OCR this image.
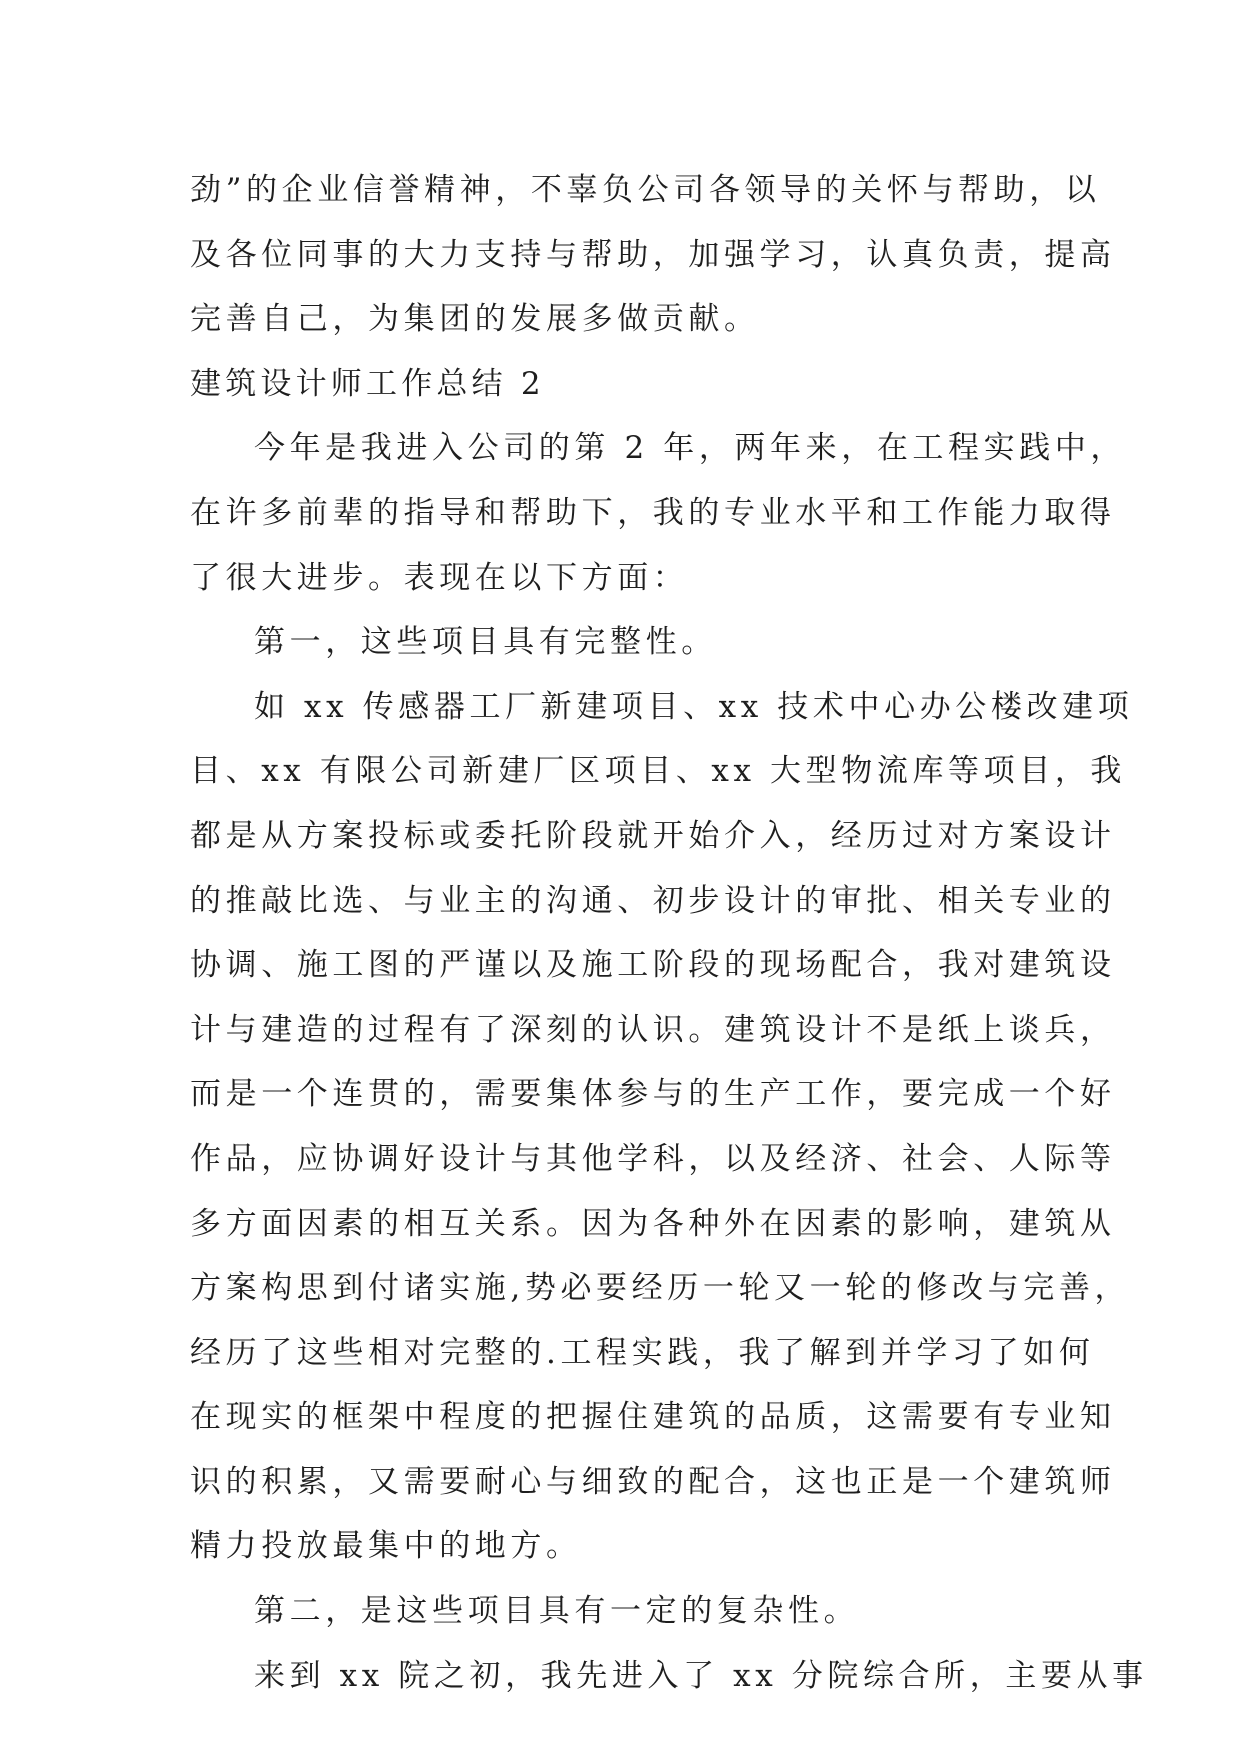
劲”的企业信誉精神，不辜负公司各领导的关怀与帮助，以
及各位同事的大力支持与帮助，加强学习，认真负责，提高
完善自己，为集团的发展多做贡献。
建筑设计师工作总结 2
今年是我进入公司的第 2 年，两年来，在工程实践中，
在许多前辈的指导和帮助下，我的专业水平和工作能力取得
了很大进步。表现在以下方面：
第一，这些项目具有完整性。
如 xx 传感器工厂新建项目、xx 技术中心办公楼改建项
目、xx 有限公司新建厂区项目、xx 大型物流库等项目，我
都是从方案投标或委托阶段就开始介入，经历过对方案设计
的推敲比选、与业主的沟通、初步设计的审批、相关专业的
协调、施工图的严谨以及施工阶段的现场配合，我对建筑设
计与建造的过程有了深刻的认识。建筑设计不是纸上谈兵，
而是一个连贯的，需要集体参与的生产工作，要完成一个好
作品，应协调好设计与其他学科，以及经济、社会、人际等
多方面因素的相互关系。因为各种外在因素的影响，建筑从
方案构思到付诸实施,势必要经历一轮又一轮的修改与完善，
经历了这些相对完整的.工程实践，我了解到并学习了如何
在现实的框架中程度的把握住建筑的品质，这需要有专业知
识的积累，又需要耐心与细致的配合，这也正是一个建筑师
精力投放最集中的地方。
第二，是这些项目具有一定的复杂性。
来到 xx 院之初，我先进入了 xx 分院综合所，主要从事
